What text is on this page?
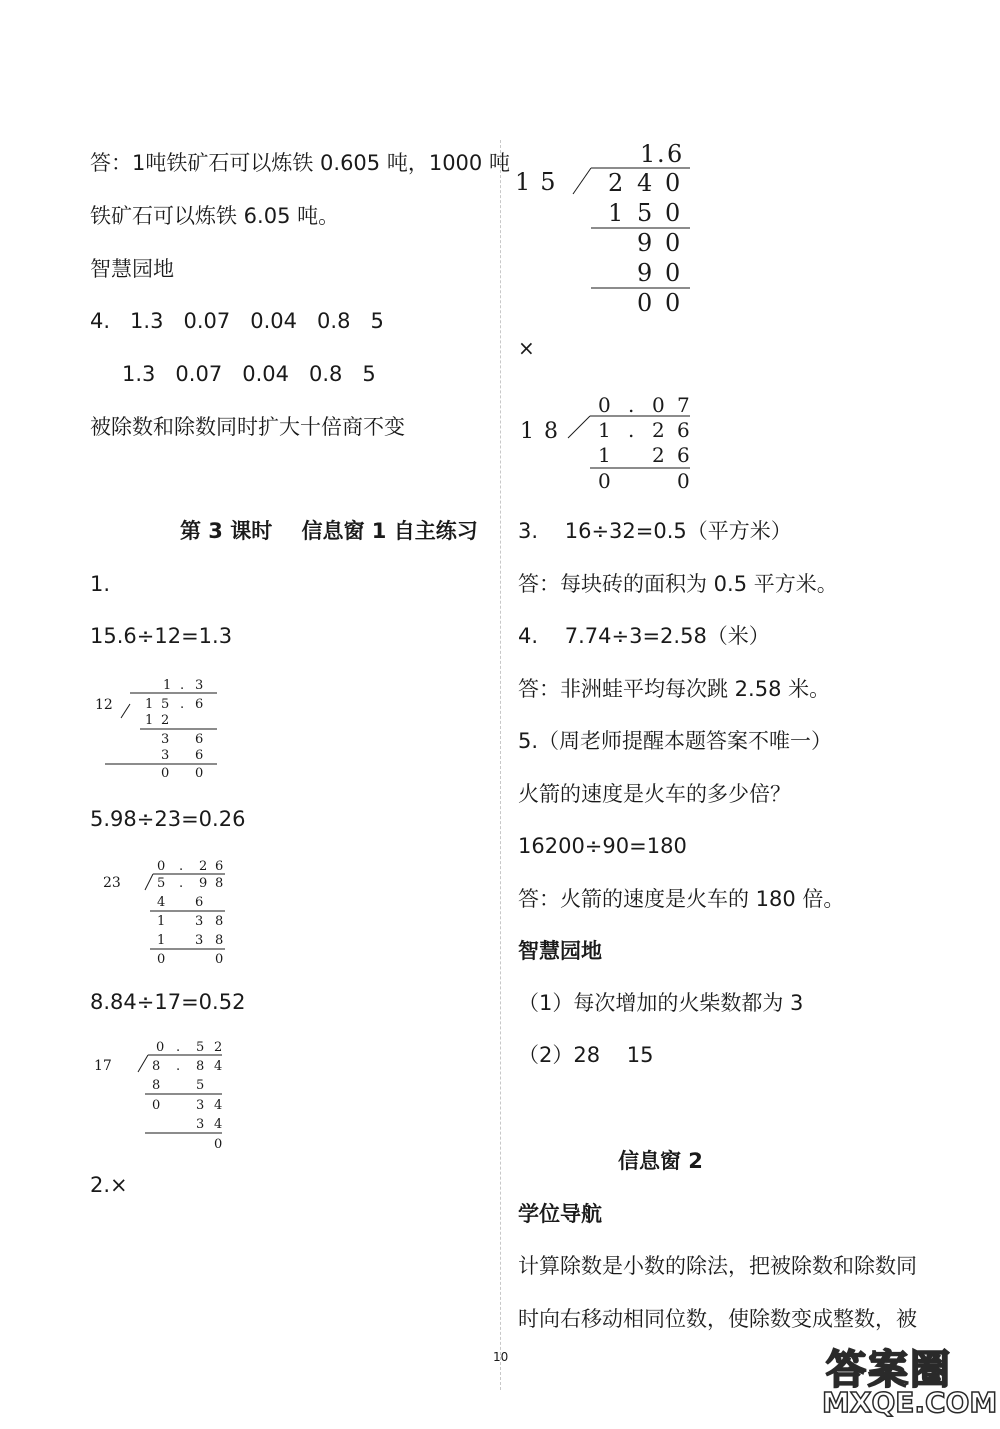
答：1吨铁矿石可以炼铁 0.605 吨，1000 吨
铁矿石可以炼铁 6.05 吨。
智慧园地
4.   1.3   0.07   0.04   0.8   5
1.3   0.07   0.04   0.8   5
被除数和除数同时扩大十倍商不变
第 3 课时    信息窗 1 自主练习
1.
15.6÷12=1.3
12
1 . 3
1 5 . 6
1 2
3 6
3 6
0 0
5.98÷23=0.26
23
0 . 2 6
5 . 9 8
4 6
1 3 8
1 3 8
0	0
8.84÷17=0.52
17
0 . 5 2
8 . 8 4
8	5
0	3 4
3 4
0
2.×
15
1 . 6
2 4 0
1 5 0
9 0
9 0
0 0
×
18
0 . 0 7
1 . 2 6
1 2 6
0	0
3.    16÷32=0.5（平方米）
答：每块砖的面积为 0.5 平方米。
4.    7.74÷3=2.58（米）
答：非洲蛙平均每次跳 2.58 米。
5.（周老师提醒本题答案不唯一）
火箭的速度是火车的多少倍？
16200÷90=180
答：火箭的速度是火车的 180 倍。
智慧园地
（1）每次增加的火柴数都为 3
（2）28    15
信息窗 2
学位导航
计算除数是小数的除法，把被除数和除数同
时向右移动相同位数，使除数变成整数，被
10	答案圈
MXQE.COM
